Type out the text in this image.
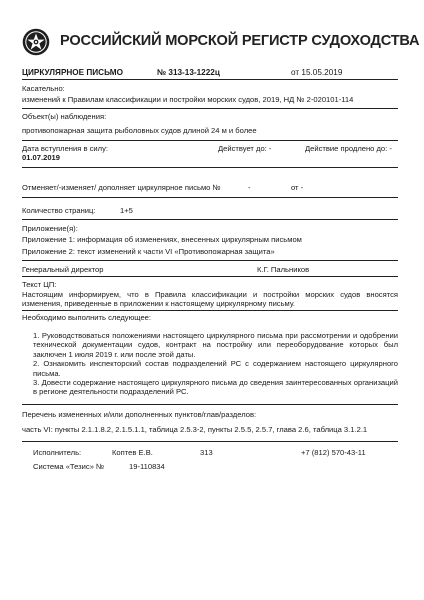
РОССИЙСКИЙ МОРСКОЙ РЕГИСТР СУДОХОДСТВА
ЦИРКУЛЯРНОЕ ПИСЬМО	№ 313-13-1222ц	от 15.05.2019
Касательно:
изменений к Правилам классификации и постройки морских судов, 2019, НД № 2-020101-114
Объект(ы) наблюдения:
противопожарная защита рыболовных судов длиной 24 м и более
Дата вступления в силу:
01.07.2019
Действует до: -	Действие продлено до: -
Отменяет/-изменяет/ дополняет циркулярное письмо №	-	от -
Количество страниц:	1+5
Приложение(я):
Приложение 1: информация об изменениях, внесенных циркулярным письмом
Приложение 2: текст изменений к части VI «Противопожарная защита»
Генеральный директор	К.Г. Пальников
Текст ЦП:
Настоящим информируем, что в Правила классификации и постройки морских судов вносятся изменения, приведенные в приложении к настоящему циркулярному письму.
Необходимо выполнить следующее:
1. Руководствоваться положениями настоящего циркулярного письма при рассмотрении и одобрении технической документации судов, контракт на постройку или переоборудование которых был заключен 1 июля 2019 г. или после этой даты.
2. Ознакомить инспекторский состав подразделений РС с содержанием настоящего циркулярного письма.
3. Довести содержание настоящего циркулярного письма до сведения заинтересованных организаций в регионе деятельности подразделений РС.
Перечень измененных и/или дополненных пунктов/глав/разделов:
часть VI: пункты 2.1.1.8.2, 2.1.5.1.1, таблица 2.5.3-2, пункты 2.5.5, 2.5.7, глава 2.6, таблица 3.1.2.1
Исполнитель:	Коптев Е.В.	313	+7 (812) 570-43-11
Система «Тезис» №	19-110834
